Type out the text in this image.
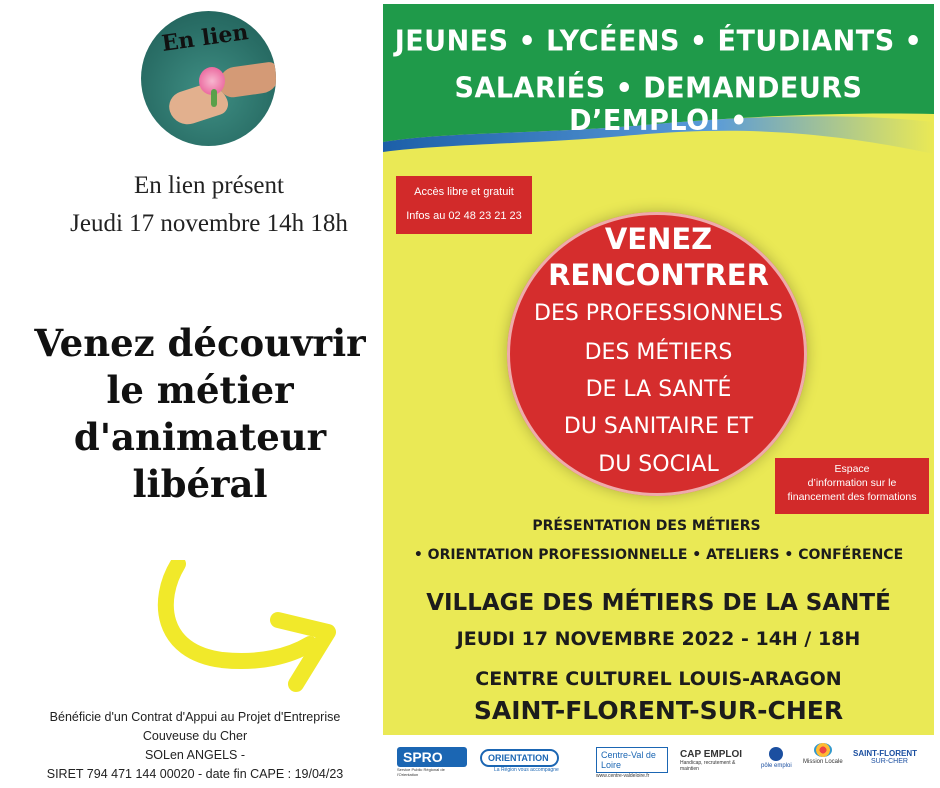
En lien
En lien présent
Jeudi 17 novembre 14h 18h
Venez découvrir
le métier
d'animateur
libéral
Bénéficie d'un Contrat d'Appui au Projet d'Entreprise
Couveuse du Cher
SOLen ANGELS -
SIRET 794 471 144 00020 - date fin CAPE : 19/04/23
JEUNES • LYCÉENS • ÉTUDIANTS •
SALARIÉS • DEMANDEURS D’EMPLOI •
Accès libre et gratuit
Infos au 02 48 23 21 23
VENEZ
RENCONTRER
DES PROFESSIONNELS
DES MÉTIERS
DE LA SANTÉ
DU SANITAIRE ET
DU SOCIAL	Espace
d’information sur le
financement des formations
PRÉSENTATION DES MÉTIERS
• ORIENTATION PROFESSIONNELLE • ATELIERS • CONFÉRENCE
VILLAGE DES MÉTIERS DE LA SANTÉ
JEUDI 17 NOVEMBRE 2022 - 14H / 18H
CENTRE CULTUREL LOUIS-ARAGON
SAINT-FLORENT-SUR-CHER
SPRO
Service Public Régional de l'Orientation
ORIENTATION
La Région vous accompagne
Centre-Val de Loire
www.centre-valdeloire.fr
CAP EMPLOI
Handicap, recrutement & maintien	pôle emploi
Mission Locale
SAINT-FLORENT
SUR-CHER
